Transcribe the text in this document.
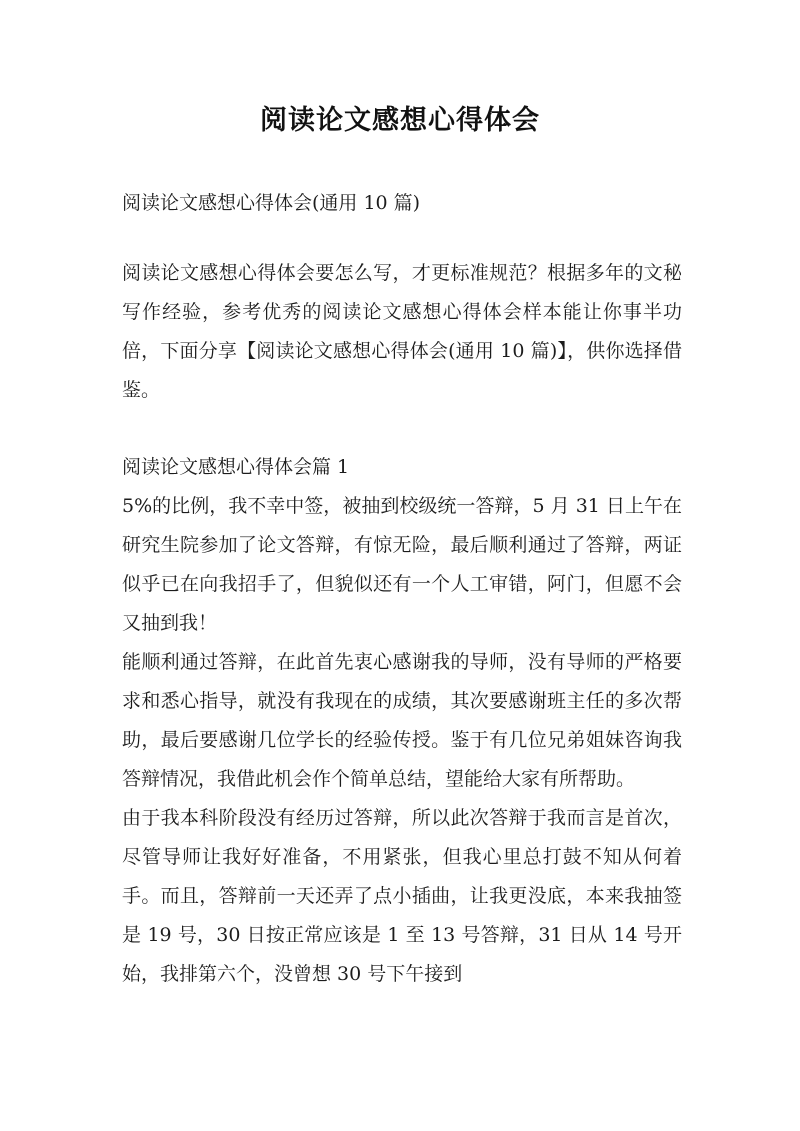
阅读论文感想心得体会

阅读论文感想心得体会(通用 10 篇)

阅读论文感想心得体会要怎么写，才更标准规范？根据多年的文秘写作经验，参考优秀的阅读论文感想心得体会样本能让你事半功倍，下面分享【阅读论文感想心得体会(通用 10 篇)】，供你选择借鉴。

阅读论文感想心得体会篇 1

5%的比例，我不幸中签，被抽到校级统一答辩，5 月 31 日上午在研究生院参加了论文答辩，有惊无险，最后顺利通过了答辩，两证似乎已在向我招手了，但貌似还有一个人工审错，阿门，但愿不会又抽到我！

能顺利通过答辩，在此首先衷心感谢我的导师，没有导师的严格要求和悉心指导，就没有我现在的成绩，其次要感谢班主任的多次帮助，最后要感谢几位学长的经验传授。鉴于有几位兄弟姐妹咨询我答辩情况，我借此机会作个简单总结，望能给大家有所帮助。

由于我本科阶段没有经历过答辩，所以此次答辩于我而言是首次，尽管导师让我好好准备，不用紧张，但我心里总打鼓不知从何着手。而且，答辩前一天还弄了点小插曲，让我更没底，本来我抽签是 19 号，30 日按正常应该是 1 至 13 号答辩，31 日从 14 号开始，我排第六个，没曾想 30 号下午接到
